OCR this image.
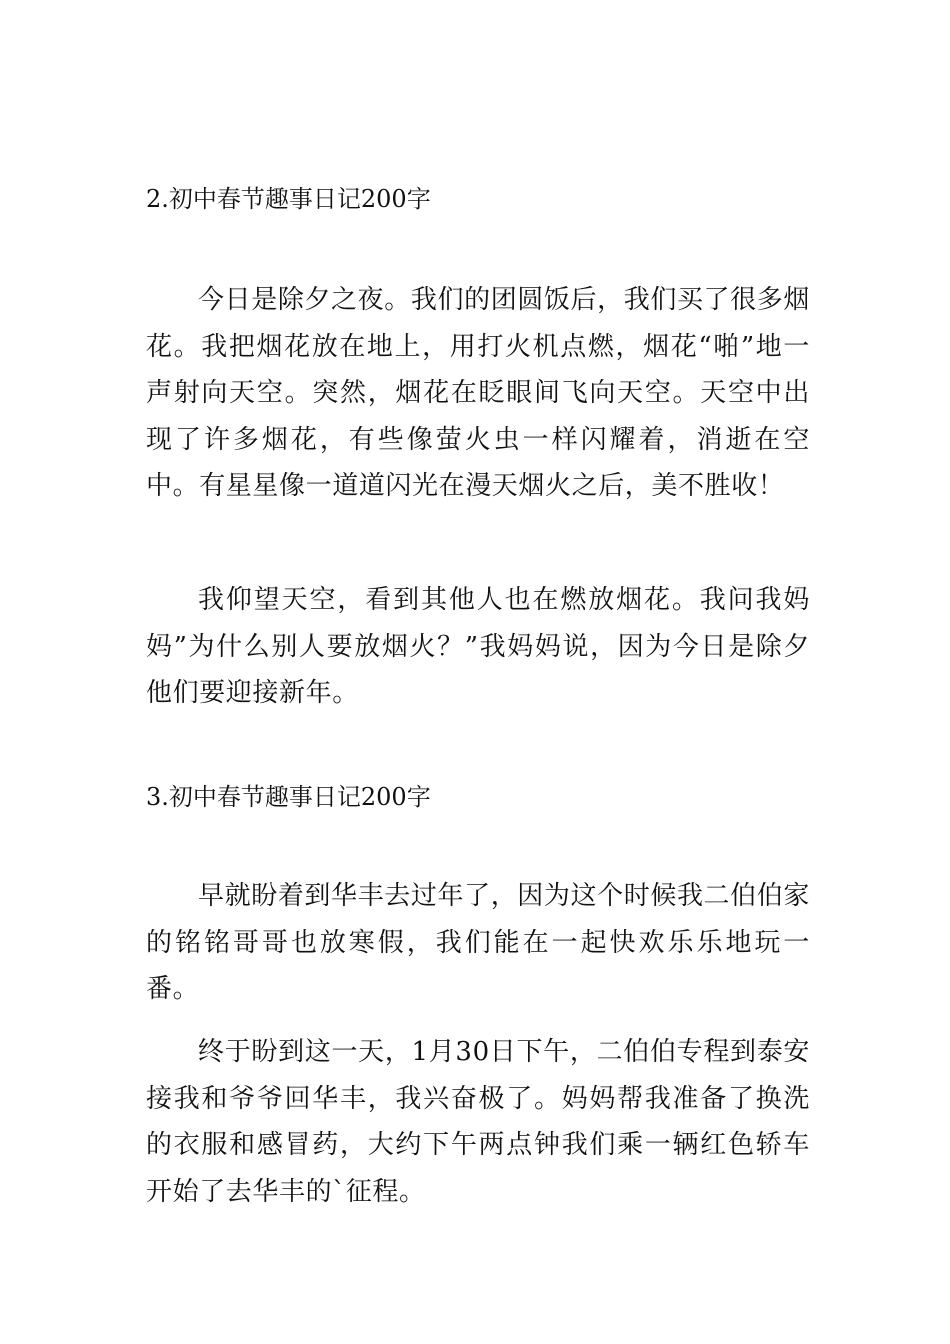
2.初中春节趣事日记200字

今日是除夕之夜。我们的团圆饭后，我们买了很多烟花。我把烟花放在地上，用打火机点燃，烟花“啪”地一声射向天空。突然，烟花在眨眼间飞向天空。天空中出现了许多烟花，有些像萤火虫一样闪耀着，消逝在空中。有星星像一道道闪光在漫天烟火之后，美不胜收！

我仰望天空，看到其他人也在燃放烟花。我问我妈妈”为什么别人要放烟火？”我妈妈说，因为今日是除夕他们要迎接新年。

3.初中春节趣事日记200字

早就盼着到华丰去过年了，因为这个时候我二伯伯家的铭铭哥哥也放寒假，我们能在一起快欢乐乐地玩一番。

终于盼到这一天，1月30日下午，二伯伯专程到泰安接我和爷爷回华丰，我兴奋极了。妈妈帮我准备了换洗的衣服和感冒药，大约下午两点钟我们乘一辆红色轿车开始了去华丰的`征程。
